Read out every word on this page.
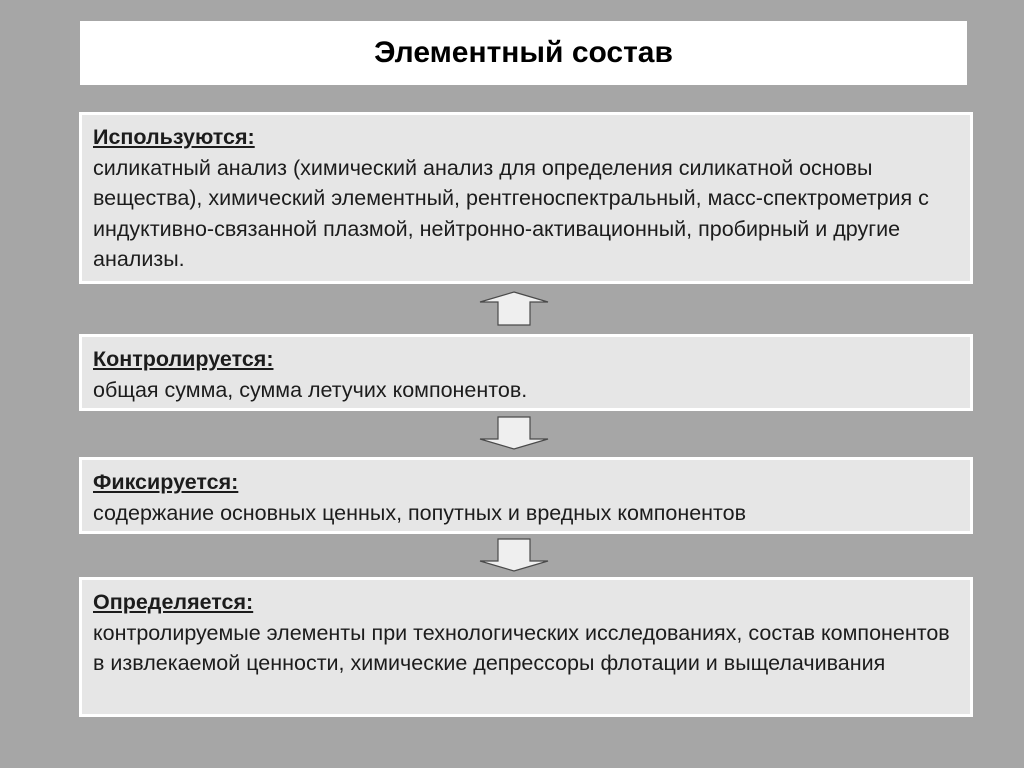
Элементный состав
Используются:
силикатный анализ (химический анализ для определения силикатной основы вещества), химический элементный, рентгеноспектральный, масс-спектрометрия с индуктивно-связанной плазмой, нейтронно-активационный, пробирный и другие анализы.
Контролируется:
общая сумма, сумма летучих компонентов.
Фиксируется:
содержание основных ценных, попутных и вредных компонентов
Определяется:
контролируемые элементы при технологических исследованиях, состав компонентов в извлекаемой ценности, химические депрессоры флотации и выщелачивания
